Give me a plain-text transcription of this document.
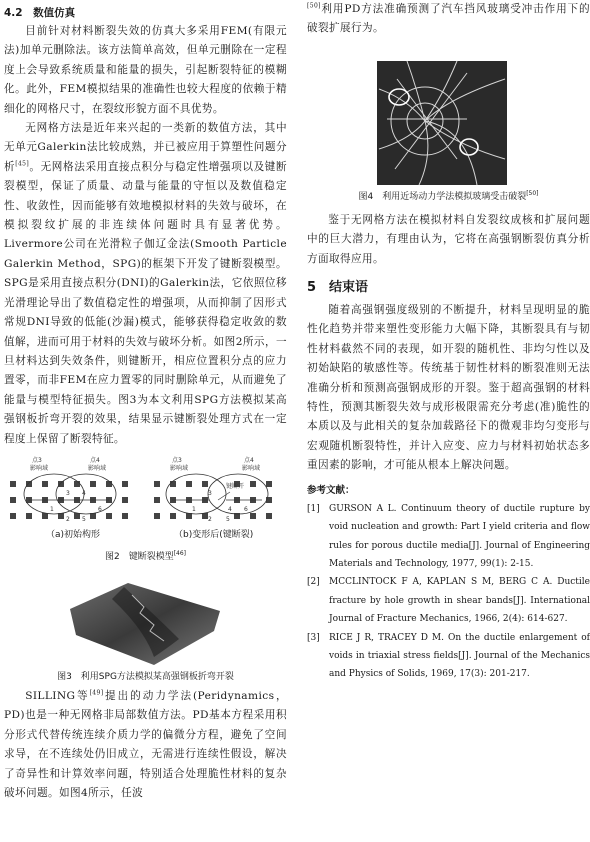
4.2　数值仿真

目前针对材料断裂失效的仿真大多采用FEM(有限元法)加单元删除法。该方法简单高效，但单元删除在一定程度上会导致系统质量和能量的损失，引起断裂特征的模糊化。此外，FEM模拟结果的准确性也较大程度的依赖于精细化的网格尺寸，在裂纹形貌方面不具优势。

无网格方法是近年来兴起的一类新的数值方法，其中无单元Galerkin法比较成熟，并已被应用于算塑性问题分析[45]。无网格法采用直接点积分与稳定性增强项以及键断裂模型，保证了质量、动量与能量的守恒以及数值稳定性、收敛性，因而能够有效地模拟材料的失效与破坏，在模拟裂纹扩展的非连续体问题时具有显著优势。Livermore公司在光滑粒子伽辽金法(Smooth Particle Galerkin Method，SPG)的框架下开发了键断裂模型。SPG是采用直接点积分(DNI)的Galerkin法，它依照位移光滑理论导出了数值稳定性的增强项，从而抑制了因形式常规DNI导致的低能(沙漏)模式，能够获得稳定收敛的数值解，进而可用于材料的失效与破坏分析。如图2所示，一旦材料达到失效条件，则键断开，相应位置积分点的应力置零，而非FEM在应力置零的同时删除单元，从而避免了能量与模型特征损失。图3为本文利用SPG方法模拟某高强钢板折弯开裂的效果，结果显示键断裂处理方式在一定程度上保留了断裂特征。

点3
影响域
点4
影响域
1
2
3 4
5
6
点3
影响域
点4
影响域
键断开
1
2
3
4
5
6
（a)初始构形	（b)变形后(键断裂)
图2　键断裂模型[46]
图3　利用SPG方法模拟某高强钢板折弯开裂

SILLING等[49]提出的动力学法(Peridynamics，PD)也是一种无网格非局部数值方法。PD基本方程采用积分形式代替传统连续介质力学的偏微分方程，避免了空间求导，在不连续处仍旧成立，无需进行连续性假设，解决了奇异性和计算效率问题，特别适合处理脆性材料的复杂破坏问题。如图4所示，任波

[50]利用PD方法准确预测了汽车挡风玻璃受冲击作用下的破裂扩展行为。

图4　利用近场动力学法模拟玻璃受击破裂[50]

鉴于无网格方法在模拟材料自发裂纹成核和扩展问题中的巨大潜力，有理由认为，它将在高强钢断裂仿真分析方面取得应用。

5　结束语

随着高强钢强度级别的不断提升，材料呈现明显的脆性化趋势并带来塑性变形能力大幅下降，其断裂具有与韧性材料截然不同的表现，如开裂的随机性、非均匀性以及初始缺陷的敏感性等。传统基于韧性材料的断裂准则无法准确分析和预测高强钢成形的开裂。鉴于超高强钢的材料特性，预测其断裂失效与成形极限需充分考虑(准)脆性的本质以及与此相关的复杂加载路径下的微观非均匀变形与宏观随机断裂特性，并计入应变、应力与材料初始状态多重因素的影响，才可能从根本上解决问题。

参考文献：
[1]	GURSON A L. Continuum theory of ductile rupture by void nucleation and growth: Part I yield criteria and flow rules for porous ductile media[J]. Journal of Engineering Materials and Technology, 1977, 99(1): 2-15.
[2]	MCCLINTOCK F A, KAPLAN S M, BERG C A. Ductile fracture by hole growth in shear bands[J]. International Journal of Fracture Mechanics, 1966, 2(4): 614-627.
[3]	RICE J R, TRACEY D M. On the ductile enlargement of voids in triaxial stress fields[J]. Journal of the Mechanics and Physics of Solids, 1969, 17(3): 201-217.
